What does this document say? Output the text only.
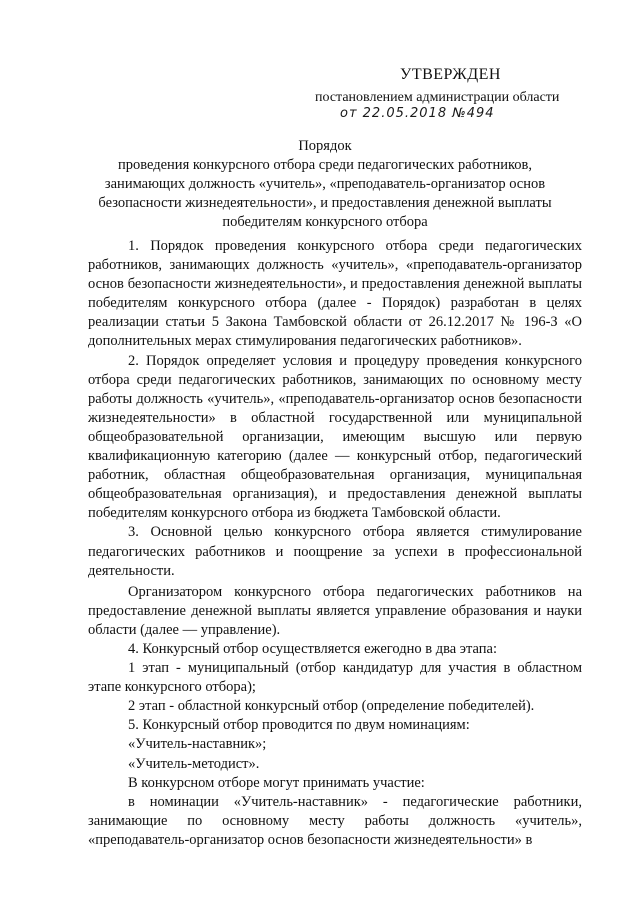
УТВЕРЖДЕН
постановлением администрации области
от 22.05.2018 №494
Порядок
проведения конкурсного отбора среди педагогических работников,
занимающих должность «учитель», «преподаватель-организатор основ
безопасности жизнедеятельности», и предоставления денежной выплаты
победителям конкурсного отбора

1. Порядок проведения конкурсного отбора среди педагогических работников, занимающих должность «учитель», «преподаватель-организатор основ безопасности жизнедеятельности», и предоставления денежной выплаты победителям конкурсного отбора (далее - Порядок) разработан в целях реализации статьи 5 Закона Тамбовской области от 26.12.2017 № 196-З «О дополнительных мерах стимулирования педагогических работников».

2. Порядок определяет условия и процедуру проведения конкурсного отбора среди педагогических работников, занимающих по основному месту работы должность «учитель», «преподаватель-организатор основ безопасности жизнедеятельности» в областной государственной или муниципальной общеобразовательной организации, имеющим высшую или первую квалификационную категорию (далее — конкурсный отбор, педагогический работник, областная общеобразовательная организация, муниципальная общеобразовательная организация), и предоставления денежной выплаты победителям конкурсного отбора из бюджета Тамбовской области.

3. Основной целью конкурсного отбора является стимулирование педагогических работников и поощрение за успехи в профессиональной деятельности.

Организатором конкурсного отбора педагогических работников на предоставление денежной выплаты является управление образования и науки области (далее — управление).

4. Конкурсный отбор осуществляется ежегодно в два этапа:

1 этап - муниципальный (отбор кандидатур для участия в областном этапе конкурсного отбора);

2 этап - областной конкурсный отбор (определение победителей).

5. Конкурсный отбор проводится по двум номинациям:

«Учитель-наставник»;

«Учитель-методист».

В конкурсном отборе могут принимать участие:

в номинации «Учитель-наставник» - педагогические работники, занимающие по основному месту работы должность «учитель», «преподаватель-организатор основ безопасности жизнедеятельности» в
